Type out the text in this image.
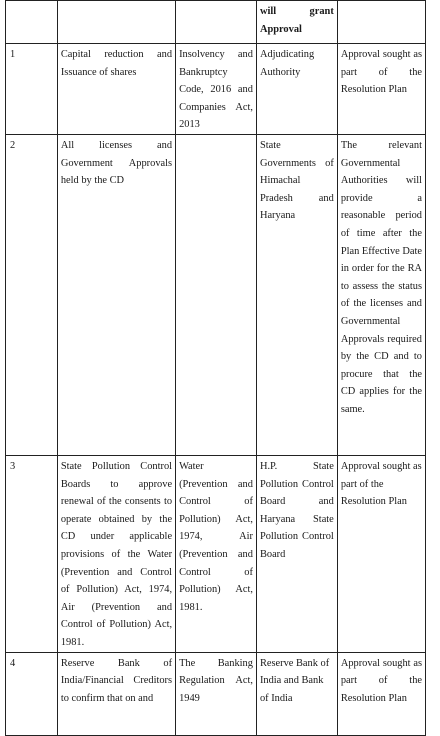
			will grant Approval	
1	Capital reduction and Issuance of shares	Insolvency and Bankruptcy Code, 2016 and Companies Act, 2013	Adjudicating Authority	Approval sought as part of the Resolution Plan
2	All licenses and Government Approvals held by the CD		State Governments of Himachal Pradesh and Haryana	The relevant Governmental Authorities will provide a reasonable period of time after the Plan Effective Date in order for the RA to assess the status of the licenses and Governmental Approvals required by the CD and to procure that the CD applies for the same.
3	State Pollution Control Boards to approve renewal of the consents to operate obtained by the CD under applicable provisions of the Water (Prevention and Control of Pollution) Act, 1974, Air (Prevention and Control of Pollution) Act, 1981.	Water (Prevention and Control of Pollution) Act, 1974, Air (Prevention and Control of Pollution) Act, 1981.	H.P. State Pollution Control Board and Haryana State Pollution Control Board	Approval sought as part of the Resolution Plan
4	Reserve Bank of India/Financial Creditors to confirm that on and	The Banking Regulation Act, 1949	Reserve Bank of India and Bank of India	Approval sought as part of the Resolution Plan
